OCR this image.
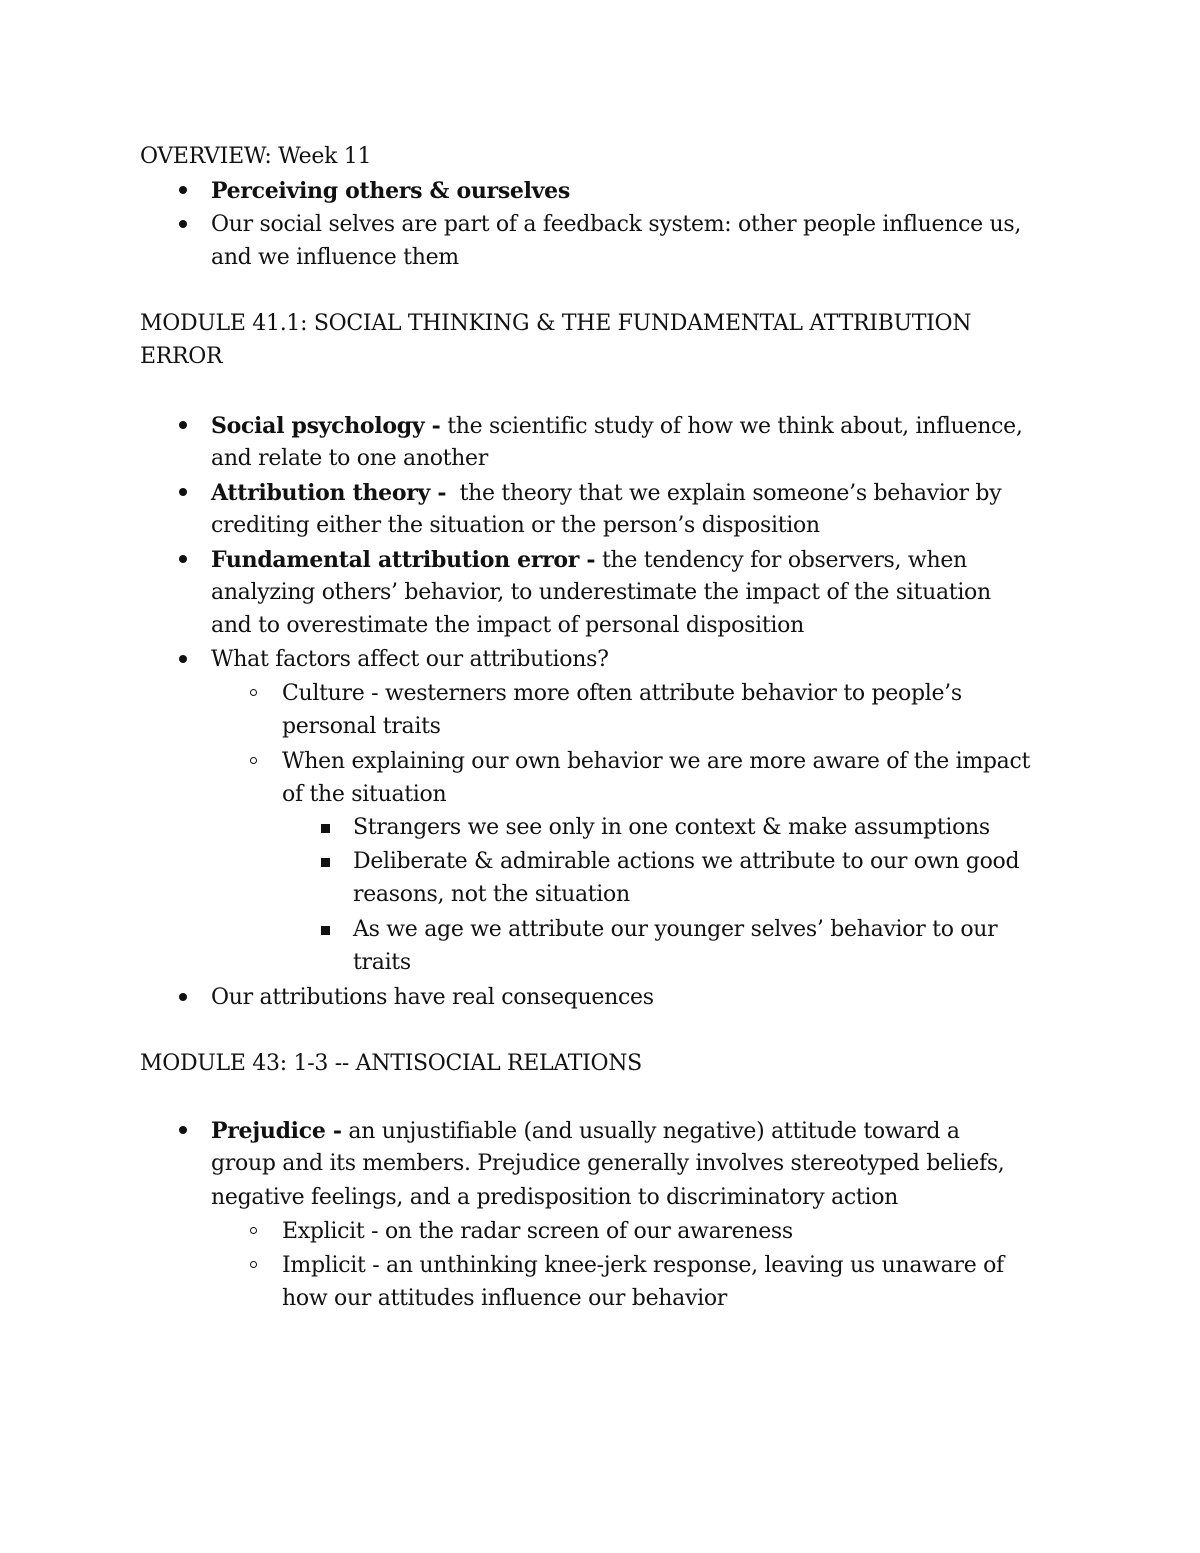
OVERVIEW: Week 11
Perceiving others & ourselves
Our social selves are part of a feedback system: other people influence us,
and we influence them
MODULE 41.1: SOCIAL THINKING & THE FUNDAMENTAL ATTRIBUTION
ERROR
Social psychology - the scientific study of how we think about, influence,
and relate to one another
Attribution theory -  the theory that we explain someone’s behavior by
crediting either the situation or the person’s disposition
Fundamental attribution error - the tendency for observers, when
analyzing others’ behavior, to underestimate the impact of the situation
and to overestimate the impact of personal disposition
What factors affect our attributions?
Culture - westerners more often attribute behavior to people’s
personal traits
When explaining our own behavior we are more aware of the impact
of the situation
Strangers we see only in one context & make assumptions
Deliberate & admirable actions we attribute to our own good
reasons, not the situation
As we age we attribute our younger selves’ behavior to our
traits
Our attributions have real consequences
MODULE 43: 1-3 -- ANTISOCIAL RELATIONS
Prejudice - an unjustifiable (and usually negative) attitude toward a
group and its members. Prejudice generally involves stereotyped beliefs,
negative feelings, and a predisposition to discriminatory action
Explicit - on the radar screen of our awareness
Implicit - an unthinking knee-jerk response, leaving us unaware of
how our attitudes influence our behavior
